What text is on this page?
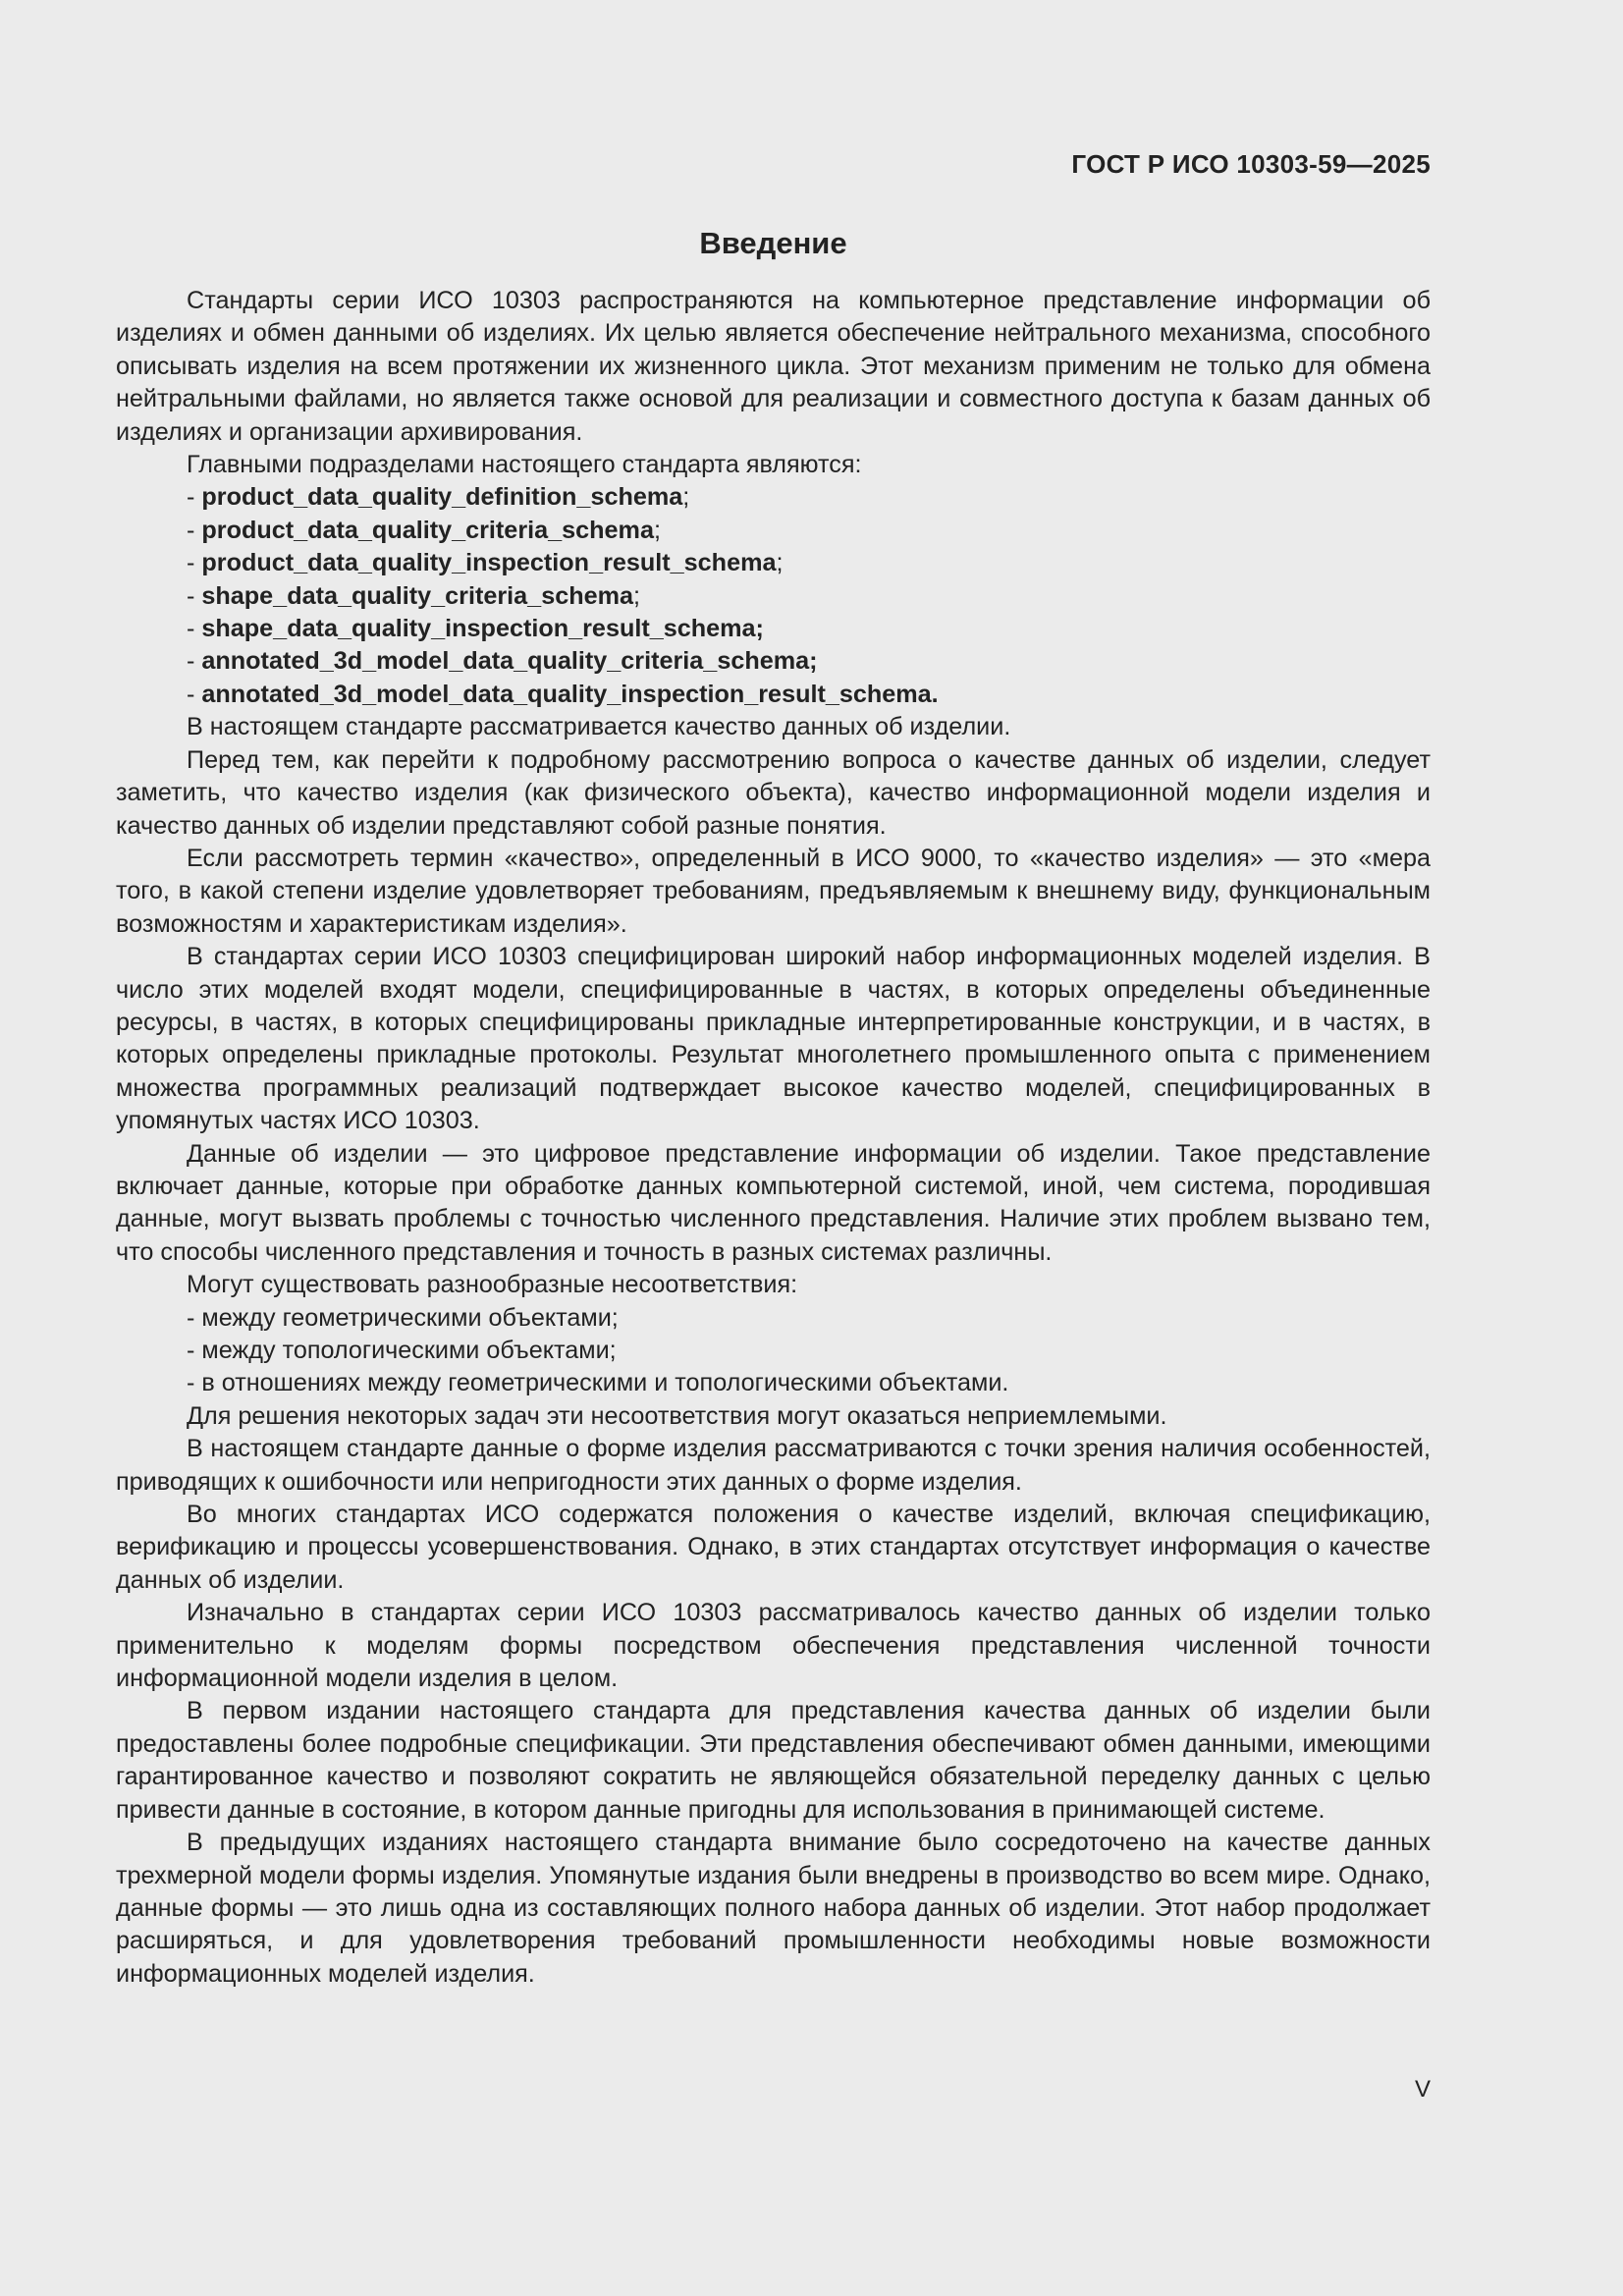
ГОСТ Р ИСО 10303-59—2025
Введение

Стандарты серии ИСО 10303 распространяются на компьютерное представление информации об изделиях и обмен данными об изделиях. Их целью является обеспечение нейтрального механизма, способного описывать изделия на всем протяжении их жизненного цикла. Этот механизм применим не только для обмена нейтральными файлами, но является также основой для реализации и совместного доступа к базам данных об изделиях и организации архивирования.

Главными подразделами настоящего стандарта являются:

- product_data_quality_definition_schema;
- product_data_quality_criteria_schema;
- product_data_quality_inspection_result_schema;
- shape_data_quality_criteria_schema;
- shape_data_quality_inspection_result_schema;
- annotated_3d_model_data_quality_criteria_schema;
- annotated_3d_model_data_quality_inspection_result_schema.

В настоящем стандарте рассматривается качество данных об изделии.

Перед тем, как перейти к подробному рассмотрению вопроса о качестве данных об изделии, следует заметить, что качество изделия (как физического объекта), качество информационной модели изделия и качество данных об изделии представляют собой разные понятия.

Если рассмотреть термин «качество», определенный в ИСО 9000, то «качество изделия» — это «мера того, в какой степени изделие удовлетворяет требованиям, предъявляемым к внешнему виду, функциональным возможностям и характеристикам изделия».

В стандартах серии ИСО 10303 специфицирован широкий набор информационных моделей изделия. В число этих моделей входят модели, специфицированные в частях, в которых определены объединенные ресурсы, в частях, в которых специфицированы прикладные интерпретированные конструкции, и в частях, в которых определены прикладные протоколы. Результат многолетнего промышленного опыта с применением множества программных реализаций подтверждает высокое качество моделей, специфицированных в упомянутых частях ИСО 10303.

Данные об изделии — это цифровое представление информации об изделии. Такое представление включает данные, которые при обработке данных компьютерной системой, иной, чем система, породившая данные, могут вызвать проблемы с точностью численного представления. Наличие этих проблем вызвано тем, что способы численного представления и точность в разных системах различны.

Могут существовать разнообразные несоответствия:

- между геометрическими объектами;
- между топологическими объектами;
- в отношениях между геометрическими и топологическими объектами.

Для решения некоторых задач эти несоответствия могут оказаться неприемлемыми.

В настоящем стандарте данные о форме изделия рассматриваются с точки зрения наличия особенностей, приводящих к ошибочности или непригодности этих данных о форме изделия.

Во многих стандартах ИСО содержатся положения о качестве изделий, включая спецификацию, верификацию и процессы усовершенствования. Однако, в этих стандартах отсутствует информация о качестве данных об изделии.

Изначально в стандартах серии ИСО 10303 рассматривалось качество данных об изделии только применительно к моделям формы посредством обеспечения представления численной точности информационной модели изделия в целом.

В первом издании настоящего стандарта для представления качества данных об изделии были предоставлены более подробные спецификации. Эти представления обеспечивают обмен данными, имеющими гарантированное качество и позволяют сократить не являющейся обязательной переделку данных с целью привести данные в состояние, в котором данные пригодны для использования в принимающей системе.

В предыдущих изданиях настоящего стандарта внимание было сосредоточено на качестве данных трехмерной модели формы изделия. Упомянутые издания были внедрены в производство во всем мире. Однако, данные формы — это лишь одна из составляющих полного набора данных об изделии. Этот набор продолжает расширяться, и для удовлетворения требований промышленности необходимы новые возможности информационных моделей изделия.

V
